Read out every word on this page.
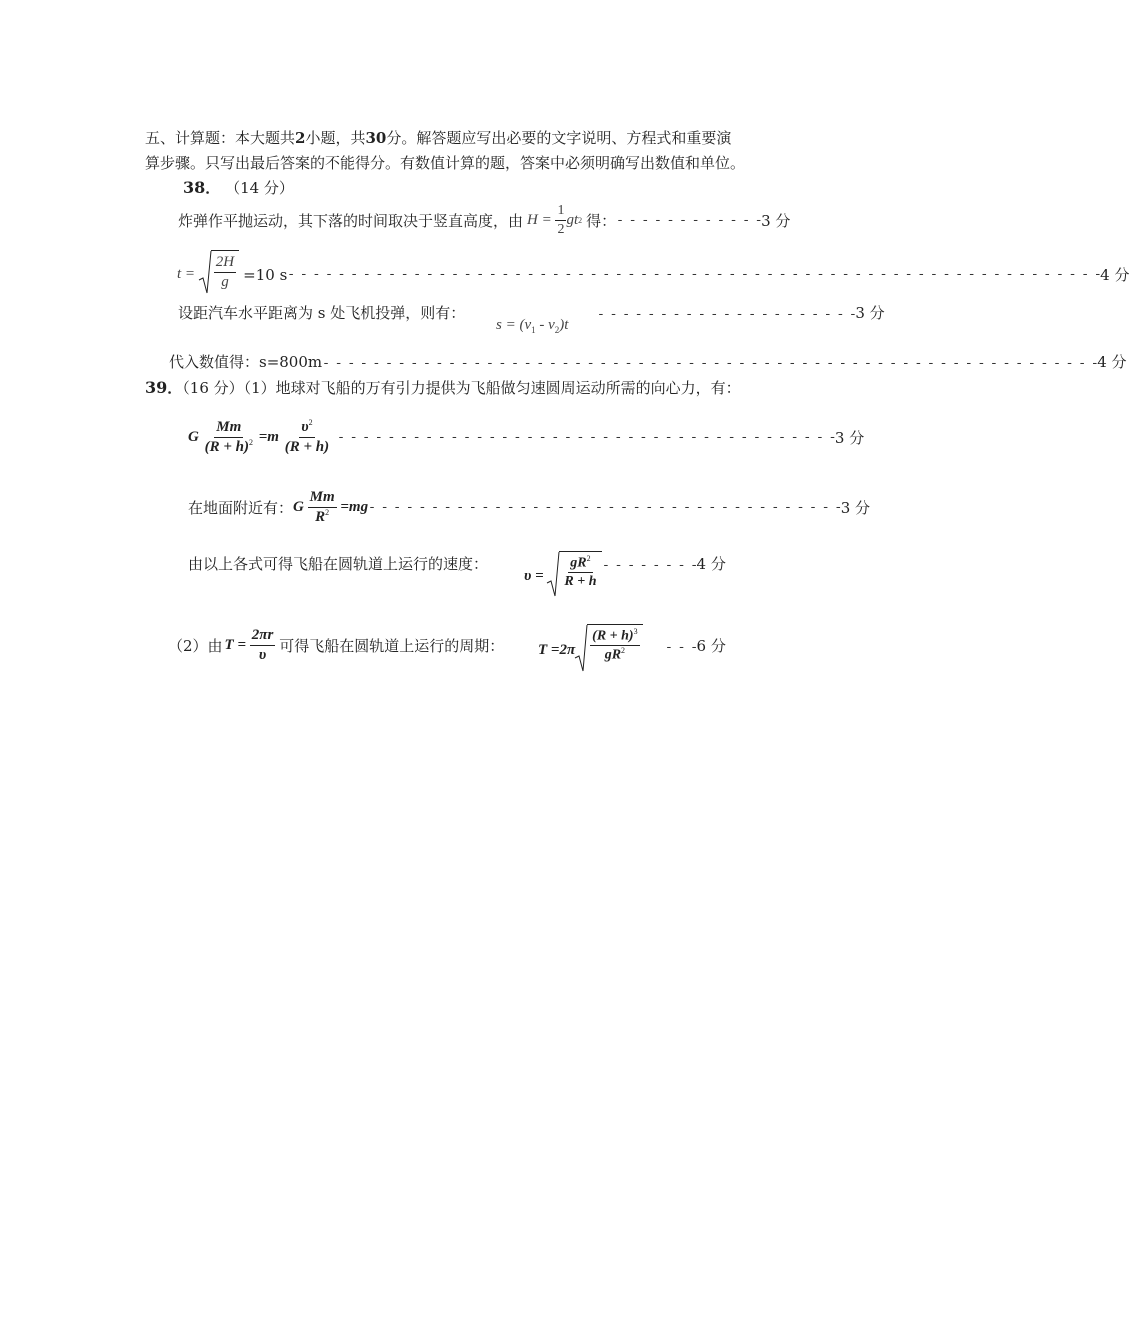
五、计算题：本大题共2小题，共30分。解答题应写出必要的文字说明、方程式和重要演
算步骤。只写出最后答案的不能得分。有数值计算的题，答案中必须明确写出数值和单位。
38． （14 分）
炸弹作平抛运动，其下落的时间取决于竖直高度，由 $H = \frac{1}{2}$ gt 2 得： - - - - - - - - - - - - 3 分
$t = \frac{2H}{g} =10$ s - - - - - - - - - - - - - - - - - - - - - - - - - - - - - - - - - - - - - - - - - - - - - - - - - - - - - - - - - - - - - - - - - 4 分
设距汽车水平距离为 s 处飞机投弹，则有：
$s = (v_1 - v_2)t$
- - - - - - - - - - - - - - - - - - - - -3 分
代入数值得：s=800m- - - - - - - - - - - - - - - - - - - - - - - - - - - - - - - - - - - - - - - - - - - - - - - - - - - - - - - - - - - - - -4 分
39．（16 分）（1）地球对飞船的万有引力提供为飞船做匀速圆周运动所需的向心力，有：
G $\frac{Mm}{(R + h)^2} =m \frac{\upsilon^2}{(R + h)}$ - - - - - - - - - - - - - - - - - - - - - - - - - - - - - - - - - - - - - - - - 3 分
在地面附近有： G $\frac{Mm}{R^2} =mg$ - - - - - - - - - - - - - - - - - - - - - - - - - - - - - - - - - - - - - - 3 分
由以上各式可得飞船在圆轨道上运行的速度：
$\upsilon = \frac{gR^2}{R + h}$ - - - - - - - -4 分
（2）由 $T = \frac{2\pi r}{\upsilon}$ 可得飞船在圆轨道上运行的周期： $T =2\pi \frac{(R + h)^3}{gR^2}$ - - -6 分
